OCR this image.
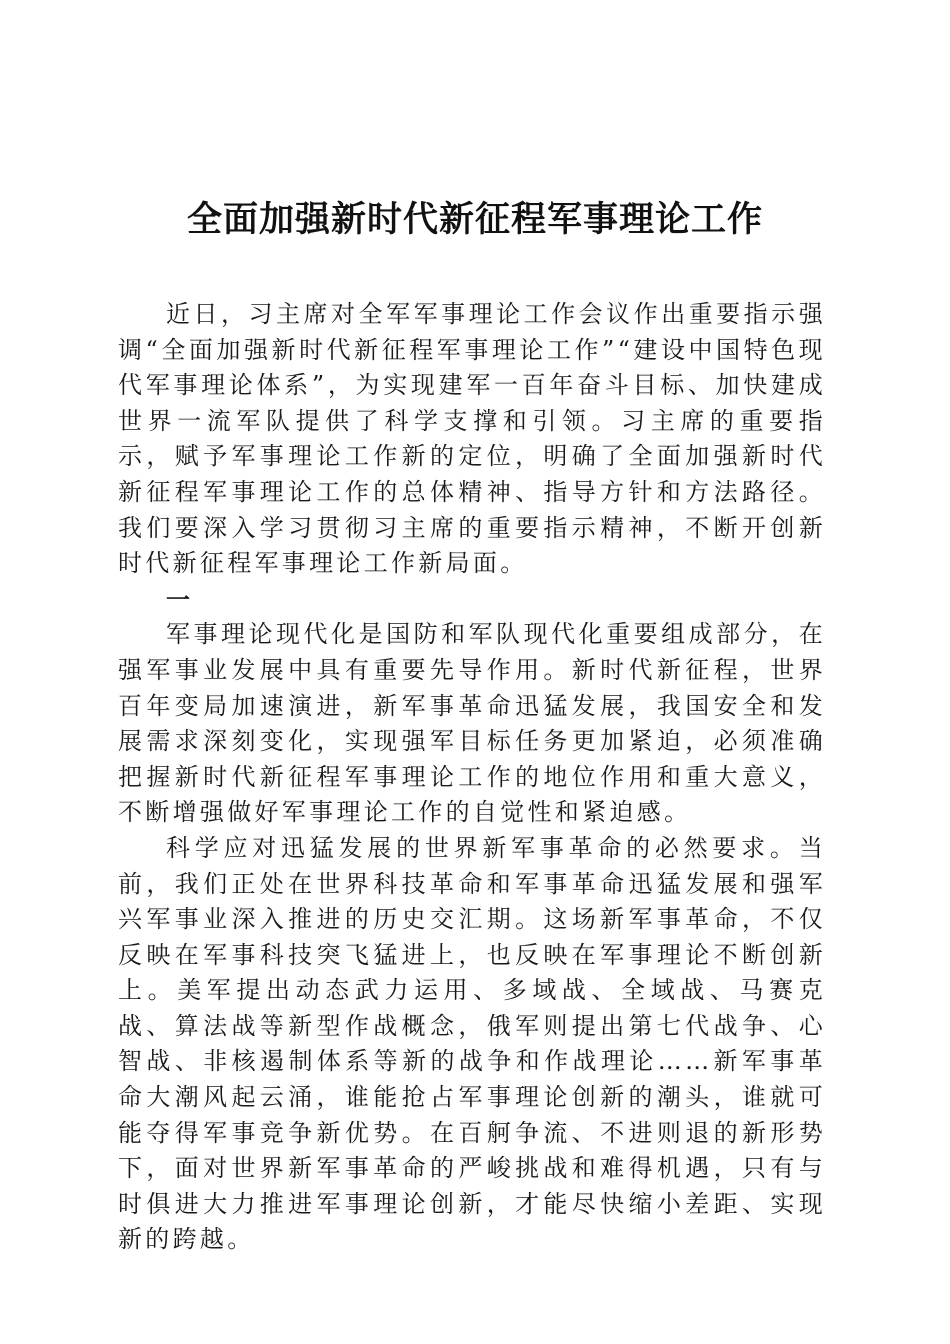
全面加强新时代新征程军事理论工作

近日，习主席对全军军事理论工作会议作出重要指示强调“全面加强新时代新征程军事理论工作”“建设中国特色现代军事理论体系”，为实现建军一百年奋斗目标、加快建成世界一流军队提供了科学支撑和引领。习主席的重要指示，赋予军事理论工作新的定位，明确了全面加强新时代新征程军事理论工作的总体精神、指导方针和方法路径。我们要深入学习贯彻习主席的重要指示精神，不断开创新时代新征程军事理论工作新局面。

一

军事理论现代化是国防和军队现代化重要组成部分，在强军事业发展中具有重要先导作用。新时代新征程，世界百年变局加速演进，新军事革命迅猛发展，我国安全和发展需求深刻变化，实现强军目标任务更加紧迫，必须准确把握新时代新征程军事理论工作的地位作用和重大意义，不断增强做好军事理论工作的自觉性和紧迫感。

科学应对迅猛发展的世界新军事革命的必然要求。当前，我们正处在世界科技革命和军事革命迅猛发展和强军兴军事业深入推进的历史交汇期。这场新军事革命，不仅反映在军事科技突飞猛进上，也反映在军事理论不断创新上。美军提出动态武力运用、多域战、全域战、马赛克战、算法战等新型作战概念，俄军则提出第七代战争、心智战、非核遏制体系等新的战争和作战理论……新军事革命大潮风起云涌，谁能抢占军事理论创新的潮头，谁就可能夺得军事竞争新优势。在百舸争流、不进则退的新形势下，面对世界新军事革命的严峻挑战和难得机遇，只有与时俱进大力推进军事理论创新，才能尽快缩小差距、实现新的跨越。
